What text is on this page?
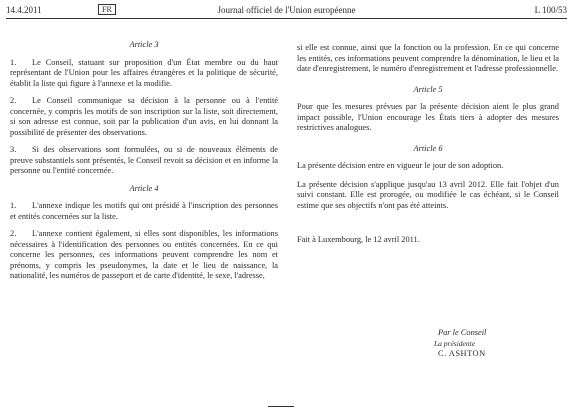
14.4.2011	FR	Journal officiel de l'Union européenne	L 100/53
Article 3

1. Le Conseil, statuant sur proposition d'un État membre ou du haut représentant de l'Union pour les affaires étrangères et la politique de sécurité, établit la liste qui figure à l'annexe et la modifie.

2. Le Conseil communique sa décision à la personne ou à l'entité concernée, y compris les motifs de son inscription sur la liste, soit directement, si son adresse est connue, soit par la publication d'un avis, en lui donnant la possibilité de présenter des observations.

3. Si des observations sont formulées, ou si de nouveaux éléments de preuve substantiels sont présentés, le Conseil revoit sa décision et en informe la personne ou l'entité concernée.

Article 4

1. L'annexe indique les motifs qui ont présidé à l'inscription des personnes et entités concernées sur la liste.

2. L'annexe contient également, si elles sont disponibles, les informations nécessaires à l'identification des personnes ou entités concernées. En ce qui concerne les personnes, ces informations peuvent comprendre les nom et prénoms, y compris les pseudonymes, la date et le lieu de naissance, la nationalité, les numéros de passeport et de carte d'identité, le sexe, l'adresse,

si elle est connue, ainsi que la fonction ou la profession. En ce qui concerne les entités, ces informations peuvent comprendre la dénomination, le lieu et la date d'enregistrement, le numéro d'enregistrement et l'adresse professionnelle.

Article 5

Pour que les mesures prévues par la présente décision aient le plus grand impact possible, l'Union encourage les États tiers à adopter des mesures restrictives analogues.

Article 6

La présente décision entre en vigueur le jour de son adoption.

La présente décision s'applique jusqu'au 13 avril 2012. Elle fait l'objet d'un suivi constant. Elle est prorogée, ou modifiée le cas échéant, si le Conseil estime que ses objectifs n'ont pas été atteints.

Fait à Luxembourg, le 12 avril 2011.

Par le Conseil
La présidente
C. ASHTON
